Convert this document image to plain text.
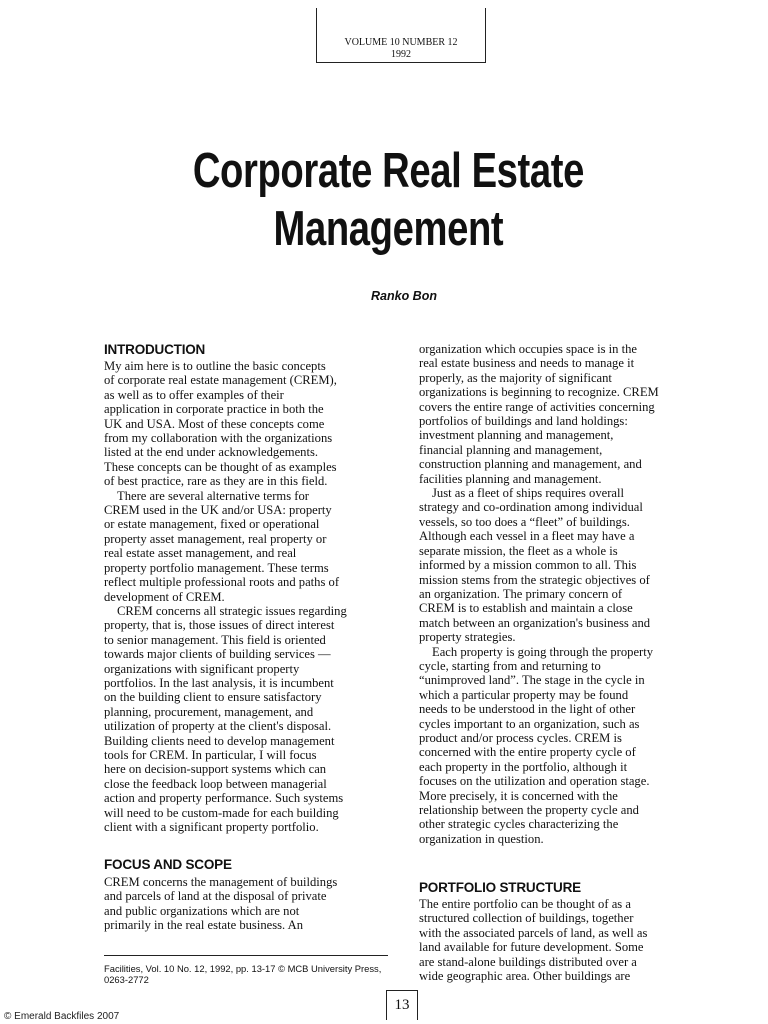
VOLUME 10 NUMBER 12
1992
Corporate Real Estate
Management
Ranko Bon
INTRODUCTION
My aim here is to outline the basic concepts
of corporate real estate management (CREM),
as well as to offer examples of their
application in corporate practice in both the
UK and USA. Most of these concepts come
from my collaboration with the organizations
listed at the end under acknowledgements.
These concepts can be thought of as examples
of best practice, rare as they are in this field.
There are several alternative terms for
CREM used in the UK and/or USA: property
or estate management, fixed or operational
property asset management, real property or
real estate asset management, and real
property portfolio management. These terms
reflect multiple professional roots and paths of
development of CREM.
CREM concerns all strategic issues regarding
property, that is, those issues of direct interest
to senior management. This field is oriented
towards major clients of building services —
organizations with significant property
portfolios. In the last analysis, it is incumbent
on the building client to ensure satisfactory
planning, procurement, management, and
utilization of property at the client's disposal.
Building clients need to develop management
tools for CREM. In particular, I will focus
here on decision-support systems which can
close the feedback loop between managerial
action and property performance. Such systems
will need to be custom-made for each building
client with a significant property portfolio.
FOCUS AND SCOPE
CREM concerns the management of buildings
and parcels of land at the disposal of private
and public organizations which are not
primarily in the real estate business. An
organization which occupies space is in the
real estate business and needs to manage it
properly, as the majority of significant
organizations is beginning to recognize. CREM
covers the entire range of activities concerning
portfolios of buildings and land holdings:
investment planning and management,
financial planning and management,
construction planning and management, and
facilities planning and management.
Just as a fleet of ships requires overall
strategy and co-ordination among individual
vessels, so too does a “fleet” of buildings.
Although each vessel in a fleet may have a
separate mission, the fleet as a whole is
informed by a mission common to all. This
mission stems from the strategic objectives of
an organization. The primary concern of
CREM is to establish and maintain a close
match between an organization's business and
property strategies.
Each property is going through the property
cycle, starting from and returning to
“unimproved land”. The stage in the cycle in
which a particular property may be found
needs to be understood in the light of other
cycles important to an organization, such as
product and/or process cycles. CREM is
concerned with the entire property cycle of
each property in the portfolio, although it
focuses on the utilization and operation stage.
More precisely, it is concerned with the
relationship between the property cycle and
other strategic cycles characterizing the
organization in question.
PORTFOLIO STRUCTURE
The entire portfolio can be thought of as a
structured collection of buildings, together
with the associated parcels of land, as well as
land available for future development. Some
are stand-alone buildings distributed over a
wide geographic area. Other buildings are
Facilities, Vol. 10 No. 12, 1992, pp. 13-17 © MCB University Press,
0263-2772
13
© Emerald Backfiles 2007
